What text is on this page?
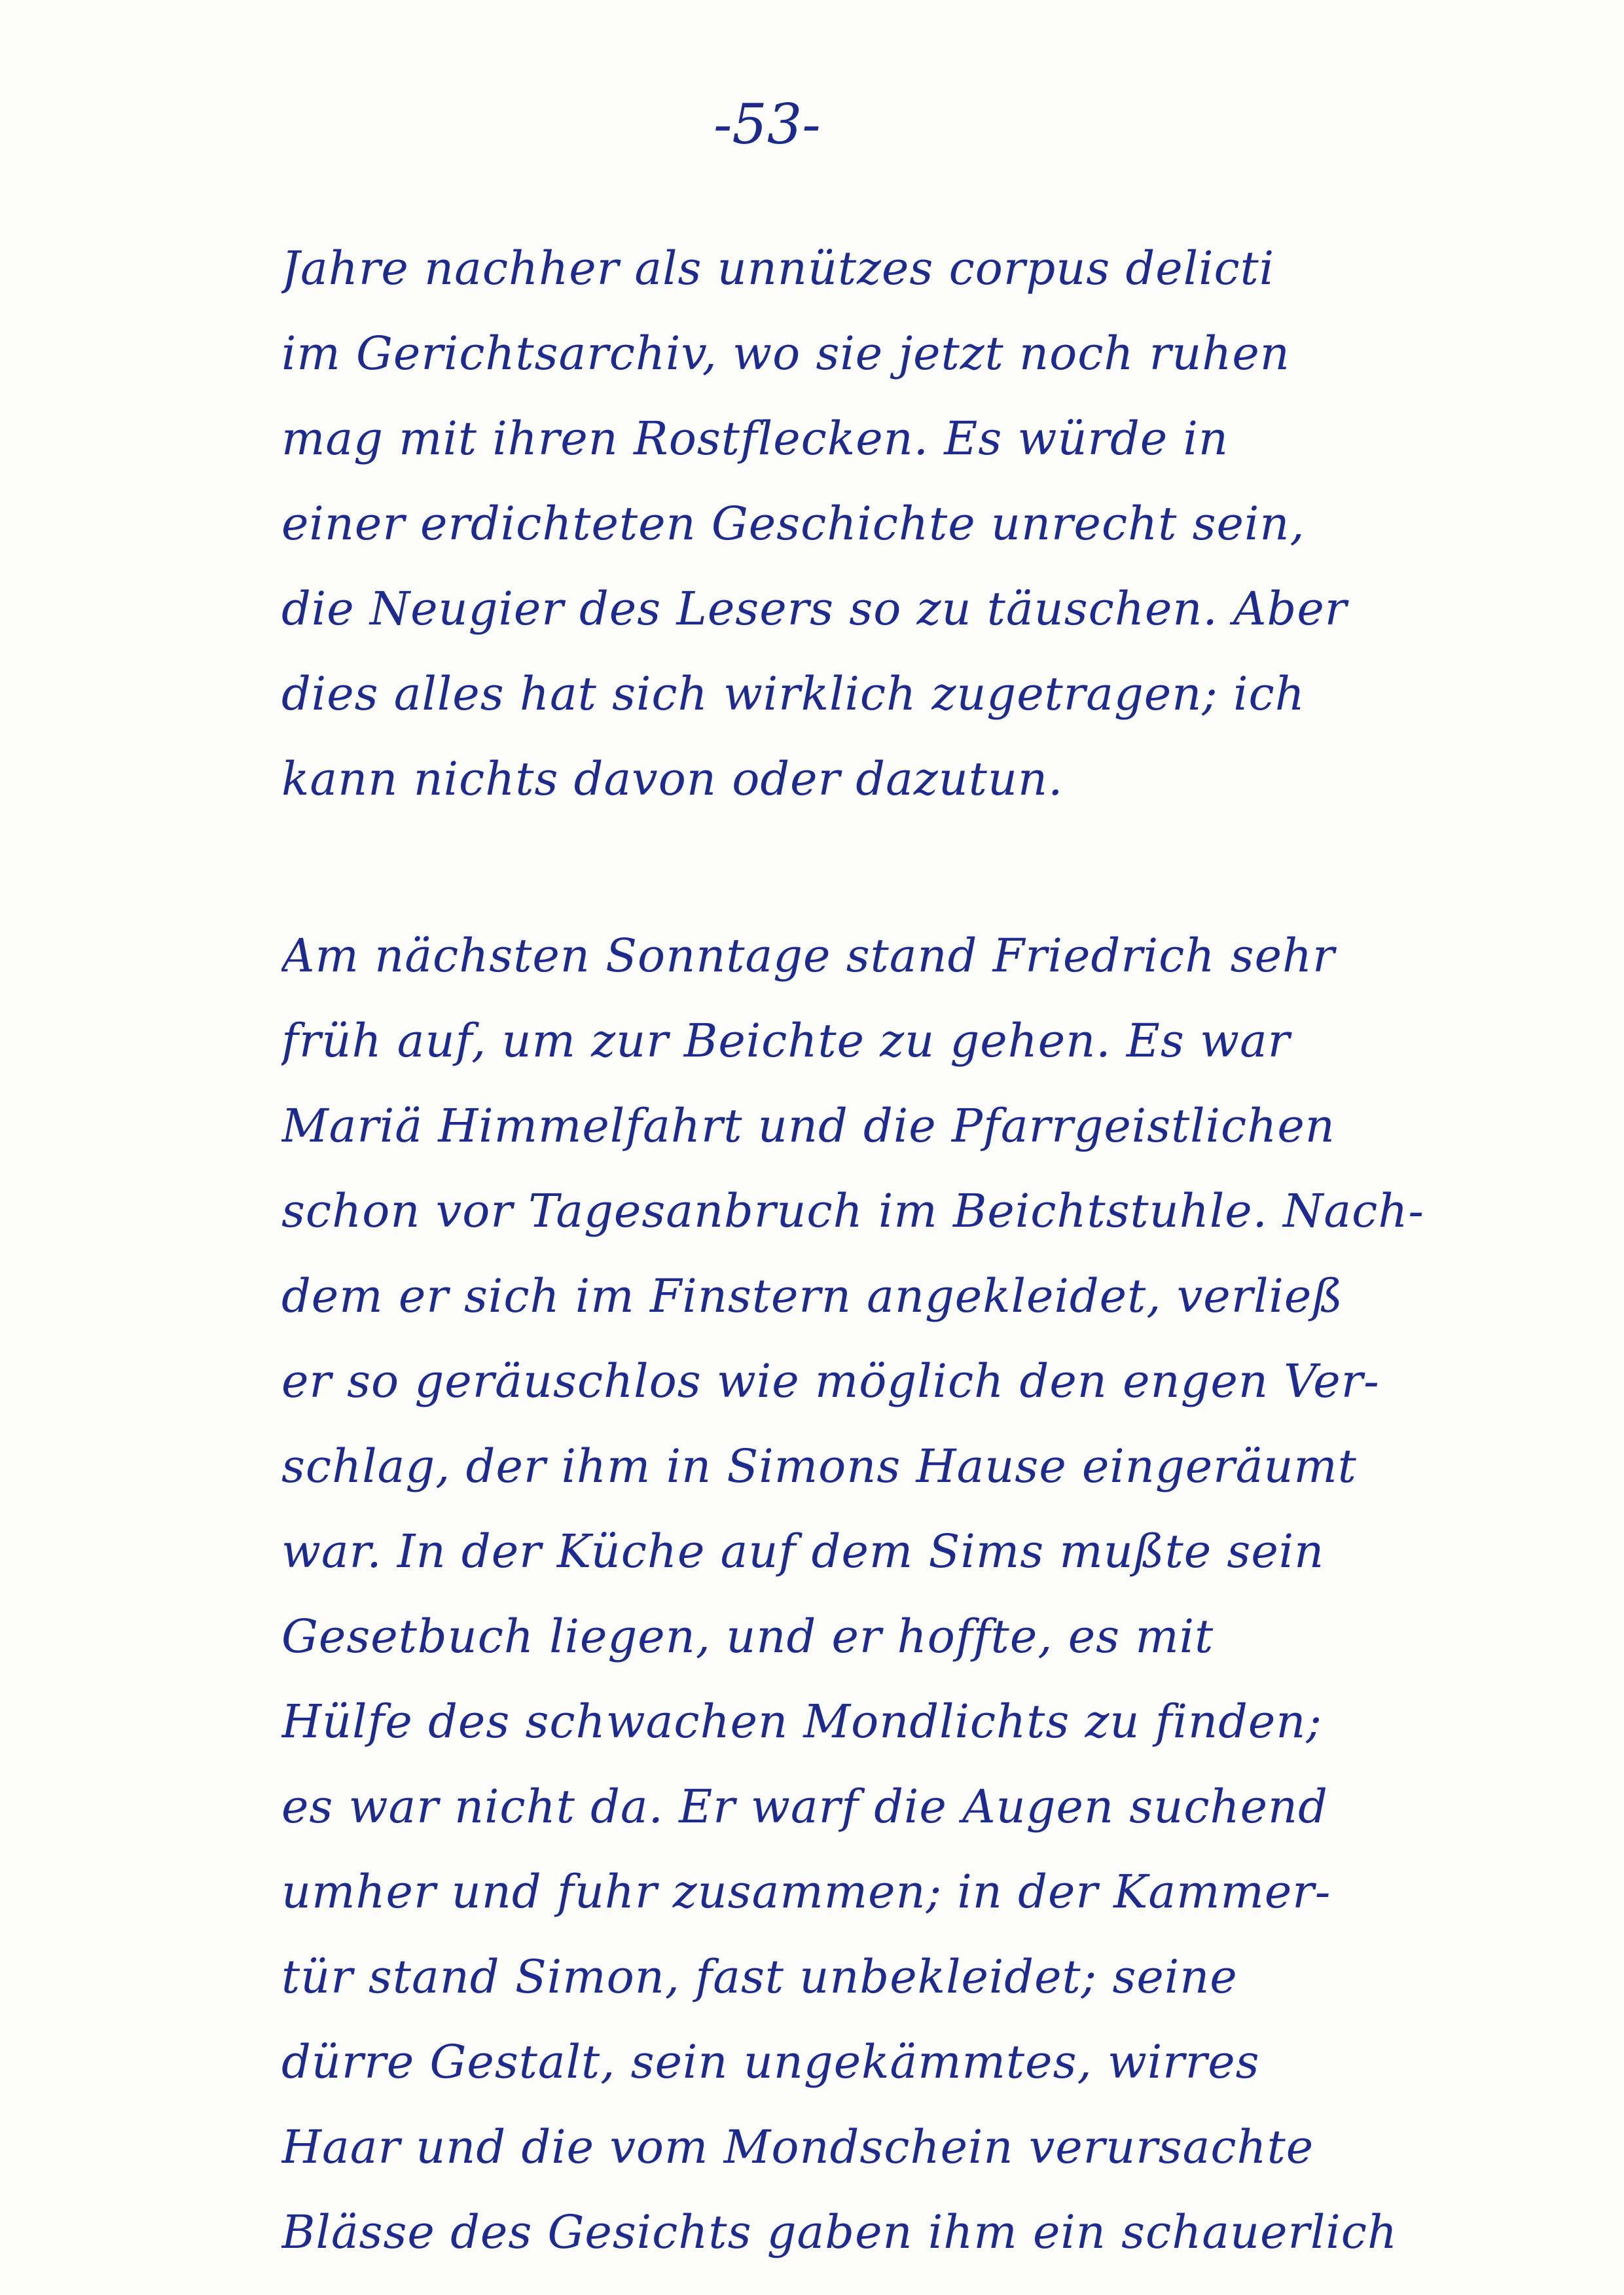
-53-
Jahre nachher als unnützes corpus delicti
im Gerichtsarchiv, wo sie jetzt noch ruhen
mag mit ihren Rostflecken. Es würde in
einer erdichteten Geschichte unrecht sein,
die Neugier des Lesers so zu täuschen. Aber
dies alles hat sich wirklich zugetragen; ich
kann nichts davon oder dazutun.
Am nächsten Sonntage stand Friedrich sehr
früh auf, um zur Beichte zu gehen. Es war
Mariä Himmelfahrt und die Pfarrgeistlichen
schon vor Tagesanbruch im Beichtstuhle. Nach-
dem er sich im Finstern angekleidet, verließ
er so geräuschlos wie möglich den engen Ver-
schlag, der ihm in Simons Hause eingeräumt
war. In der Küche auf dem Sims mußte sein
Gesetbuch liegen, und er hoffte, es mit
Hülfe des schwachen Mondlichts zu finden;
es war nicht da. Er warf die Augen suchend
umher und fuhr zusammen; in der Kammer-
tür stand Simon, fast unbekleidet; seine
dürre Gestalt, sein ungekämmtes, wirres
Haar und die vom Mondschein verursachte
Blässe des Gesichts gaben ihm ein schauerlich
